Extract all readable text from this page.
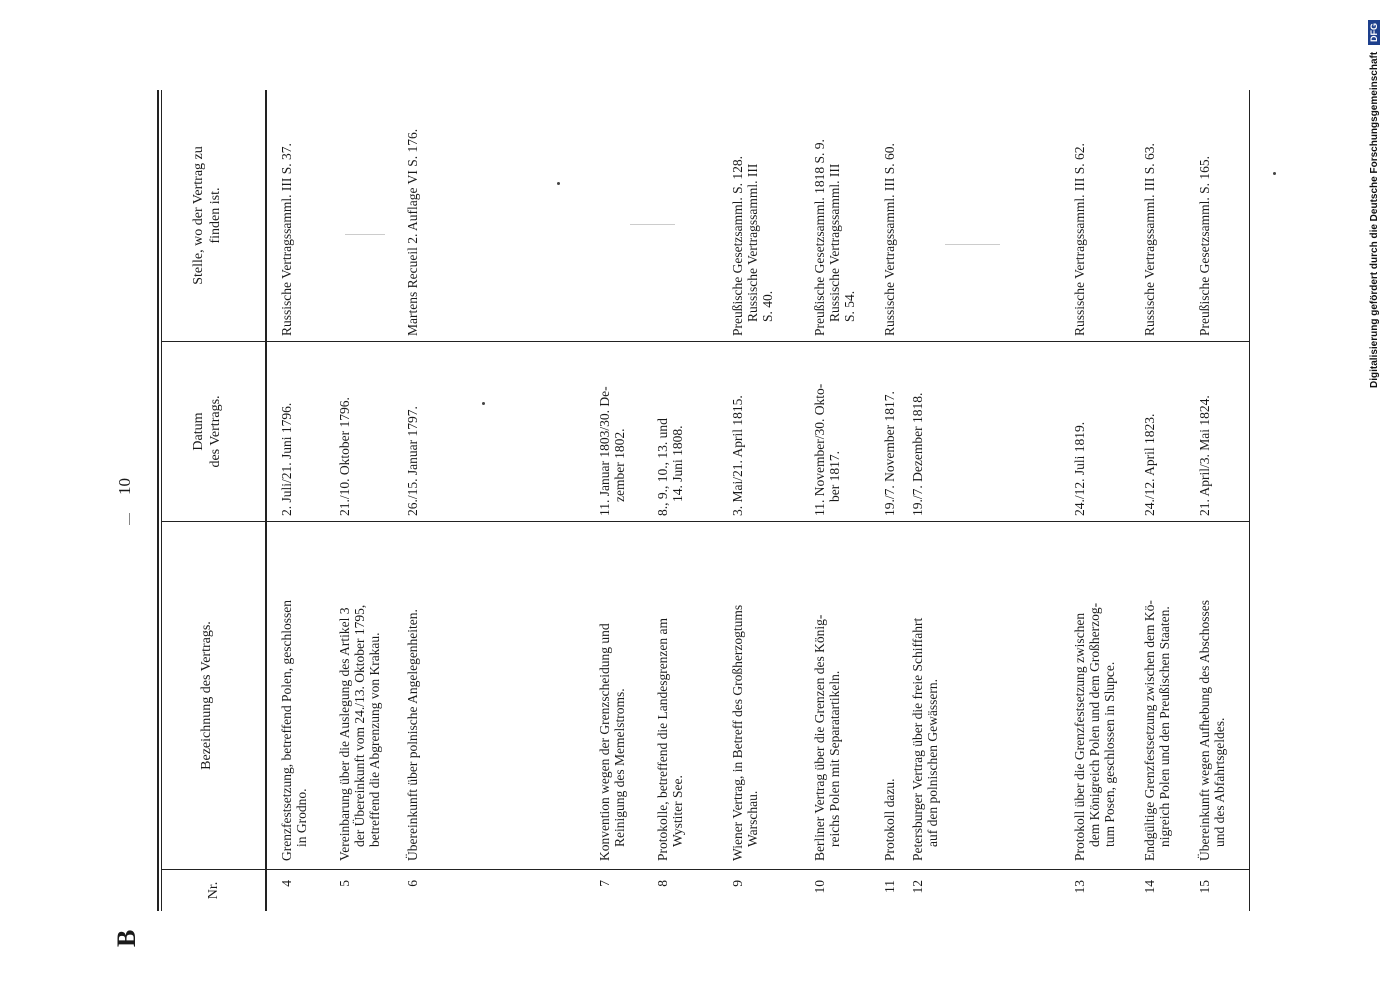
B
10
Nr.
Bezeichnung des Vertrags.
Datum des Vertrags.
Stelle, wo der Vertrag zu finden ist.
4
Grenzfestsetzung, betreffend Polen, geschlossen in Grodno.
2. Juli/21. Juni 1796.
Russische Vertragssamml. III S. 37.
5
Vereinbarung über die Auslegung des Artikel 3 der Übereinkunft vom 24./13. Oktober 1795, betreffend die Abgrenzung von Krakau.
21./10. Oktober 1796.
6
Übereinkunft über polnische Angelegenheiten.
26./15. Januar 1797.
Martens Recueil 2. Auflage VI S. 176.
7
Konvention wegen der Grenzscheidung und Reinigung des Memelstroms.
11. Januar 1803/30. De- zember 1802.
8
Protokolle, betreffend die Landesgrenzen am Wystiter See.
8., 9., 10., 13. und 14. Juni 1808.
9
Wiener Vertrag, in Betreff des Großherzogtums Warschau.
3. Mai/21. April 1815.
Preußische Gesetzsamml. S. 128. Russische Vertragssamml. III S. 40.
10
Berliner Vertrag über die Grenzen des König- reichs Polen mit Separatartikeln.
11. November/30. Okto- ber 1817.
Preußische Gesetzsamml. 1818 S. 9. Russische Vertragssamml. III S. 54.
11
Protokoll dazu.
19./7. November 1817.
Russische Vertragssamml. III S. 60.
12
Petersburger Vertrag über die freie Schiffahrt auf den polnischen Gewässern.
19./7. Dezember 1818.
13
Protokoll über die Grenzfestsetzung zwischen dem Königreich Polen und dem Großherzog- tum Posen, geschlossen in Slupce.
24./12. Juli 1819.
Russische Vertragssamml. III S. 62.
14
Endgültige Grenzfestsetzung zwischen dem Kö- nigreich Polen und den Preußischen Staaten.
24./12. April 1823.
Russische Vertragssamml. III S. 63.
15
Übereinkunft wegen Aufhebung des Abschosses und des Abfahrtsgeldes.
21. April/3. Mai 1824.
Preußische Gesetzsamml. S. 165.	Digitalisierung gefördert durch die Deutsche Forschungsgemeinschaft DFG
